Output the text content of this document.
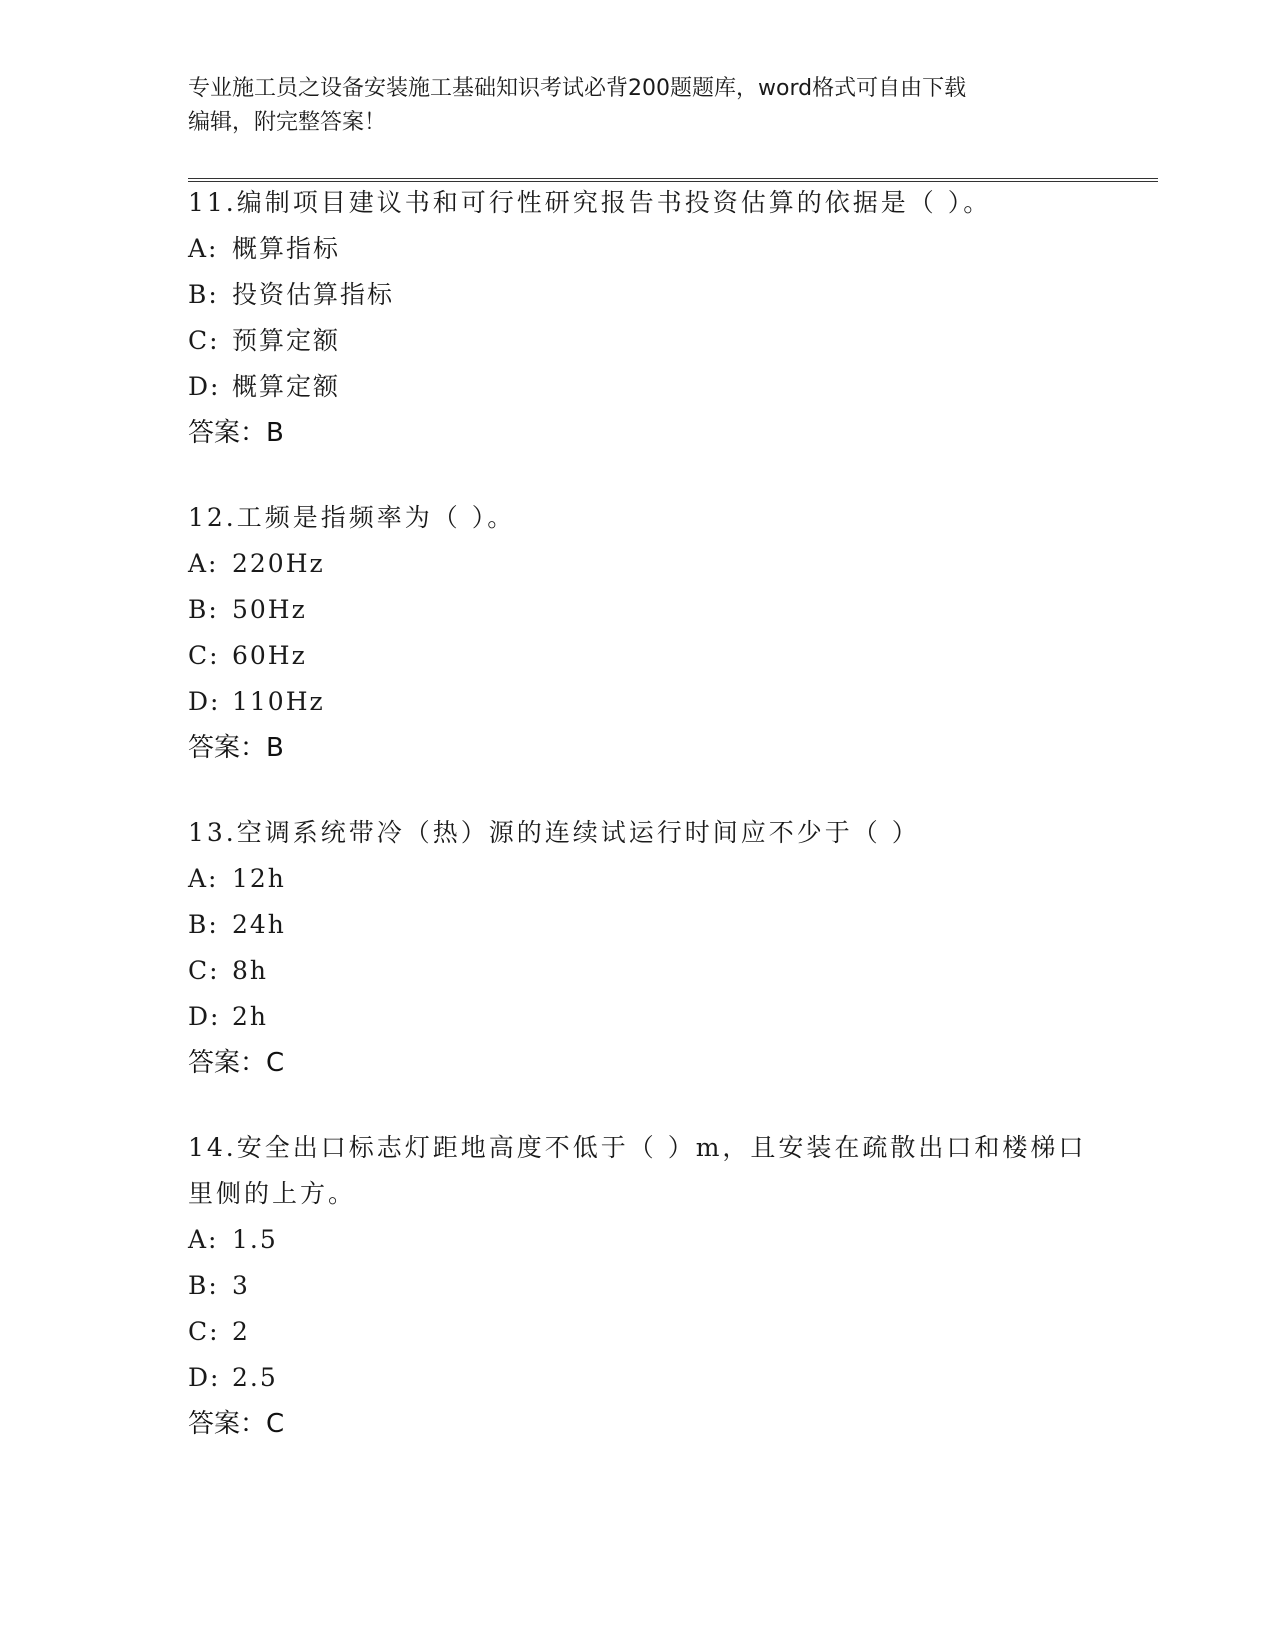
专业施工员之设备安装施工基础知识考试必背200题题库，word格式可自由下载
编辑，附完整答案！
11.编制项目建议书和可行性研究报告书投资估算的依据是（ ）。
A: 概算指标
B: 投资估算指标
C: 预算定额
D: 概算定额
答案：B
12.工频是指频率为（ ）。
A: 220Hz
B: 50Hz
C: 60Hz
D: 110Hz
答案：B
13.空调系统带冷（热）源的连续试运行时间应不少于（ ）
A: 12h
B: 24h
C: 8h
D: 2h
答案：C
14.安全出口标志灯距地高度不低于（ ）m，且安装在疏散出口和楼梯口里侧的上方。
A: 1.5
B: 3
C: 2
D: 2.5
答案：C
